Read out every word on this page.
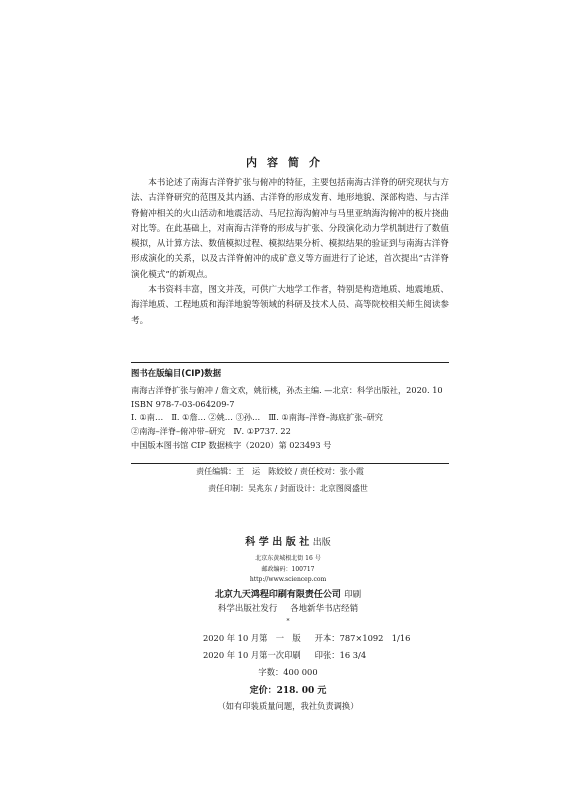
内容简介

本书论述了南海古洋脊扩张与俯冲的特征，主要包括南海古洋脊的研究现状与方法、古洋脊研究的范围及其内涵、古洋脊的形成发育、地形地貌、深部构造、与古洋脊俯冲相关的火山活动和地震活动、马尼拉海沟俯冲与马里亚纳海沟俯冲的板片挠曲对比等。在此基础上，对南海古洋脊的形成与扩张、分段演化动力学机制进行了数值模拟，从计算方法、数值模拟过程、模拟结果分析、模拟结果的验证到与南海古洋脊形成演化的关系，以及古洋脊俯冲的成矿意义等方面进行了论述，首次提出“古洋脊演化模式”的新观点。

本书资料丰富，图文并茂，可供广大地学工作者，特别是构造地质、地震地质、海洋地质、工程地质和海洋地貌等领域的科研及技术人员、高等院校相关师生阅读参考。

图书在版编目(CIP)数据
南海古洋脊扩张与俯冲 / 詹文欢，姚衍桃，孙杰主编. —北京：科学出版社，2020. 10
ISBN 978-7-03-064209-7
Ⅰ. ①南…　Ⅱ. ①詹… ②姚… ③孙…　Ⅲ. ①南海–洋脊–海底扩张–研究
②南海–洋脊–俯冲带–研究　Ⅳ. ①P737. 22
中国版本图书馆 CIP 数据核字（2020）第 023493 号
责任编辑：王　运　陈姣姣 / 责任校对：张小霞
责任印制：吴兆东 / 封面设计：北京图阅盛世
科 学 出 版 社 出版
北京东黄城根北街 16 号
邮政编码：100717
http://www.sciencep.com
北京九天鸿程印刷有限责任公司 印刷
科学出版社发行 各地新华书店经销
*
2020 年 10 月第　一　版 开本：787×1092　1/16
2020 年 10 月第一次印刷 印张：16 3/4
字数：400 000
定价：218. 00 元
（如有印装质量问题，我社负责调换）
